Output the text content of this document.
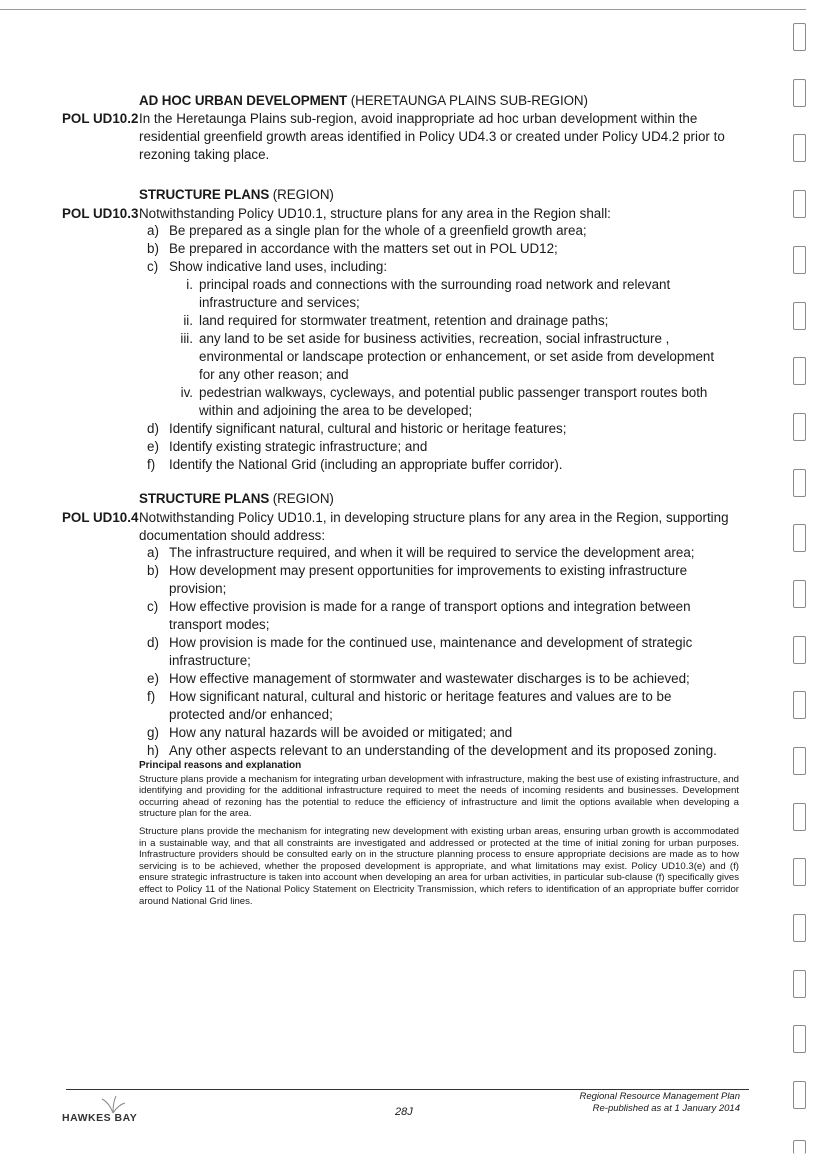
AD HOC URBAN DEVELOPMENT (HERETAUNGA PLAINS SUB-REGION)
POL UD10.2 In the Heretaunga Plains sub-region, avoid inappropriate ad hoc urban development within the residential greenfield growth areas identified in Policy UD4.3 or created under Policy UD4.2 prior to rezoning taking place.
STRUCTURE PLANS (REGION)
POL UD10.3 Notwithstanding Policy UD10.1, structure plans for any area in the Region shall:
a) Be prepared as a single plan for the whole of a greenfield growth area;
b) Be prepared in accordance with the matters set out in POL UD12;
c) Show indicative land uses, including:
i. principal roads and connections with the surrounding road network and relevant infrastructure and services;
ii. land required for stormwater treatment, retention and drainage paths;
iii. any land to be set aside for business activities, recreation, social infrastructure , environmental or landscape protection or enhancement, or set aside from development for any other reason; and
iv. pedestrian walkways, cycleways, and potential public passenger transport routes both within and adjoining the area to be developed;
d) Identify significant natural, cultural and historic or heritage features;
e) Identify existing strategic infrastructure; and
f) Identify the National Grid (including an appropriate buffer corridor).
STRUCTURE PLANS (REGION)
POL UD10.4 Notwithstanding Policy UD10.1, in developing structure plans for any area in the Region, supporting documentation should address:
a) The infrastructure required, and when it will be required to service the development area;
b) How development may present opportunities for improvements to existing infrastructure provision;
c) How effective provision is made for a range of transport options and integration between transport modes;
d) How provision is made for the continued use, maintenance and development of strategic infrastructure;
e) How effective management of stormwater and wastewater discharges is to be achieved;
f) How significant natural, cultural and historic or heritage features and values are to be protected and/or enhanced;
g) How any natural hazards will be avoided or mitigated; and
h) Any other aspects relevant to an understanding of the development and its proposed zoning.
Principal reasons and explanation

Structure plans provide a mechanism for integrating urban development with infrastructure, making the best use of existing infrastructure, and identifying and providing for the additional infrastructure required to meet the needs of incoming residents and businesses. Development occurring ahead of rezoning has the potential to reduce the efficiency of infrastructure and limit the options available when developing a structure plan for the area.

Structure plans provide the mechanism for integrating new development with existing urban areas, ensuring urban growth is accommodated in a sustainable way, and that all constraints are investigated and addressed or protected at the time of initial zoning for urban purposes. Infrastructure providers should be consulted early on in the structure planning process to ensure appropriate decisions are made as to how servicing is to be achieved, whether the proposed development is appropriate, and what limitations may exist. Policy UD10.3(e) and (f) ensure strategic infrastructure is taken into account when developing an area for urban activities, in particular sub-clause (f) specifically gives effect to Policy 11 of the National Policy Statement on Electricity Transmission, which refers to identification of an appropriate buffer corridor around National Grid lines.

HAWKES BAY	28J
Regional Resource Management Plan
Re-published as at 1 January 2014
